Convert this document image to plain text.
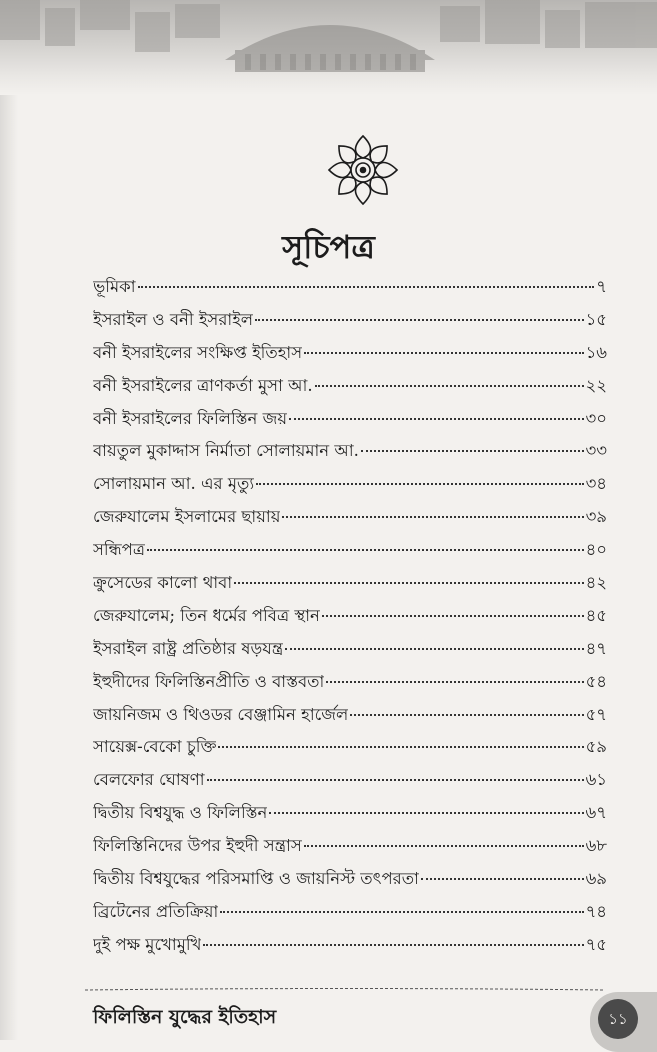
সূচিপত্র
ভূমিকা	৭
ইসরাইল ও বনী ইসরাইল	১৫
বনী ইসরাইলের সংক্ষিপ্ত ইতিহাস	১৬
বনী ইসরাইলের ত্রাণকর্তা মুসা আ.	২২
বনী ইসরাইলের ফিলিস্তিন জয়	৩০
বায়তুল মুকাদ্দাস নির্মাতা সোলায়মান আ.	৩৩
সোলায়মান আ. এর মৃত্যু	৩৪
জেরুযালেম ইসলামের ছায়ায়	৩৯
সন্ধিপত্র	৪০
ক্রুসেডের কালো থাবা	৪২
জেরুযালেম; তিন ধর্মের পবিত্র স্থান	৪৫
ইসরাইল রাষ্ট্র প্রতিষ্ঠার ষড়যন্ত্র	৪৭
ইহুদীদের ফিলিস্তিনপ্রীতি ও বাস্তবতা	৫৪
জায়নিজম ও থিওডর বেঞ্জামিন হার্জেল	৫৭
সায়েক্স-বেকো চুক্তি	৫৯
বেলফোর ঘোষণা	৬১
দ্বিতীয় বিশ্বযুদ্ধ ও ফিলিস্তিন	৬৭
ফিলিস্তিনিদের উপর ইহুদী সন্ত্রাস	৬৮
দ্বিতীয় বিশ্বযুদ্ধের পরিসমাপ্তি ও জায়নিস্ট তৎপরতা	৬৯
ব্রিটেনের প্রতিক্রিয়া	৭৪
দুই পক্ষ মুখোমুখি	৭৫
ফিলিস্তিন যুদ্ধের ইতিহাস	১১
